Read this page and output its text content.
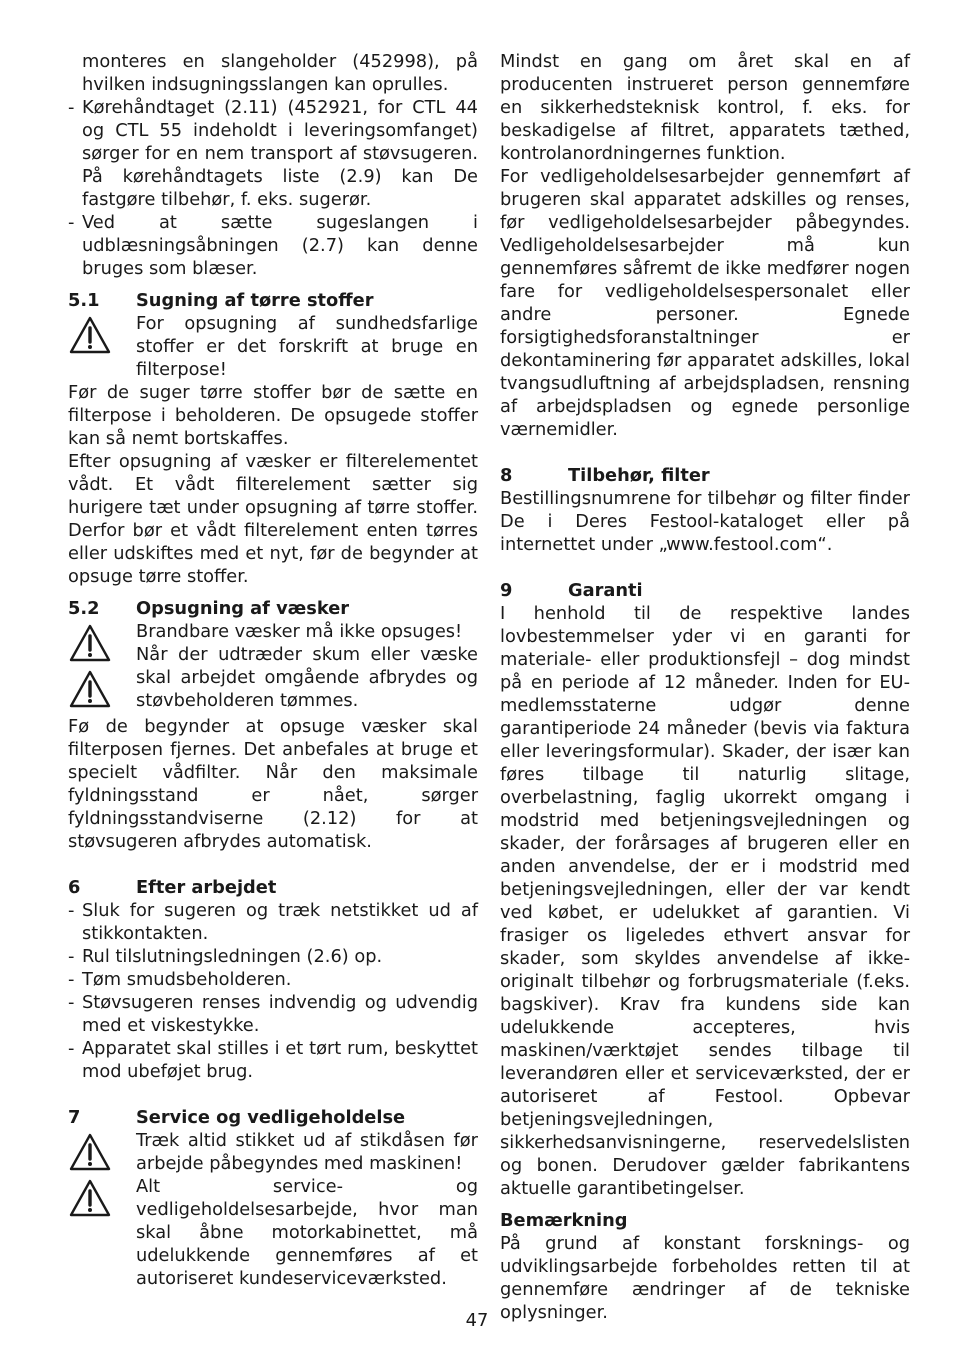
monteres en slangeholder (452998), på hvilken indsugningsslangen kan oprulles.

- Kørehåndtaget (2.11) (452921, for CTL 44 og CTL 55 indeholdt i leveringsomfanget) sørger for en nem transport af støvsugeren. På kørehåndtagets liste (2.9) kan De fastgøre tilbehør, f. eks. sugerør.
- Ved at sætte sugeslangen i udblæsningsåbningen (2.7) kan denne bruges som blæser.
5.1	Sugning af tørre stoffer

For opsugning af sundhedsfarlige stoffer er det forskrift at bruge en filterpose!

Før de suger tørre stoffer bør de sætte en filterpose i beholderen. De opsugede stoffer kan så nemt bortskaffes.

Efter opsugning af væsker er filterelementet vådt. Et vådt filterelement sætter sig hurigere tæt under opsugning af tørre stoffer. Derfor bør et vådt filterelement enten tørres eller udskiftes med et nyt, før de begynder at opsuge tørre stoffer.

5.2	Opsugning af væsker

Brandbare væsker må ikke opsuges!

Når der udtræder skum eller væske skal arbejdet omgående afbrydes og støvbeholderen tømmes.

Fø de begynder at opsuge væsker skal filterposen fjernes. Det anbefales at bruge et specielt vådfilter. Når den maksimale fyldningsstand er nået, sørger fyldningsstandviserne (2.12) for at støvsugeren afbrydes automatisk.

6	Efter arbejdet
- Sluk for sugeren og træk netstikket ud af stikkontakten.
- Rul tilslutningsledningen (2.6) op.
- Tøm smudsbeholderen.
- Støvsugeren renses indvendig og udvendig med et viskestykke.
- Apparatet skal stilles i et tørt rum, beskyttet mod ubeføjet brug.
7	Service og vedligeholdelse

Træk altid stikket ud af stikdåsen før arbejde påbegyndes med maskinen!

Alt service- og vedligeholdelsesarbejde, hvor man skal åbne motorkabinettet, må udelukkende gennemføres af et autoriseret kundeserviceværksted.

Mindst en gang om året skal en af producenten instrueret person gennemføre en sikkerhedsteknisk kontrol, f. eks. for beskadigelse af filtret, apparatets tæthed, kontrolanordningernes funktion.

For vedligeholdelsesarbejder gennemført af brugeren skal apparatet adskilles og renses, før vedligeholdelsesarbejder påbegyndes. Vedligeholdelsesarbejder må kun gennemføres såfremt de ikke medfører nogen fare for vedligeholdelsespersonalet eller andre personer. Egnede forsigtighedsforanstaltninger er dekontaminering før apparatet adskilles, lokal tvangsudluftning af arbejdspladsen, rensning af arbejdspladsen og egnede personlige værnemidler.

8	Tilbehør, filter

Bestillingsnumrene for tilbehør og filter finder De i Deres Festool-kataloget eller på internettet under „www.festool.com“.

9	Garanti

I henhold til de respektive landes lovbestemmelser yder vi en garanti for materiale- eller produktionsfejl – dog mindst på en periode af 12 måneder. Inden for EU-medlemsstaterne udgør denne garantiperiode 24 måneder (bevis via faktura eller leveringsformular). Skader, der især kan føres tilbage til naturlig slitage, overbelastning, faglig ukorrekt omgang i modstrid med betjeningsvejledningen og skader, der forårsages af brugeren eller en anden anvendelse, der er i modstrid med betjeningsvejledningen, eller der var kendt ved købet, er udelukket af garantien. Vi frasiger os ligeledes ethvert ansvar for skader, som skyldes anvendelse af ikke-originalt tilbehør og forbrugsmateriale (f.eks. bagskiver). Krav fra kundens side kan udelukkende accepteres, hvis maskinen/værktøjet sendes tilbage til leverandøren eller et serviceværksted, der er autoriseret af Festool. Opbevar betjeningsvejledningen, sikkerhedsanvisningerne, reservedelslisten og bonen. Derudover gælder fabrikantens aktuelle garantibetingelser.

Bemærkning

På grund af konstant forsknings- og udviklingsarbejde forbeholdes retten til at gennemføre ændringer af de tekniske oplysninger.

47
